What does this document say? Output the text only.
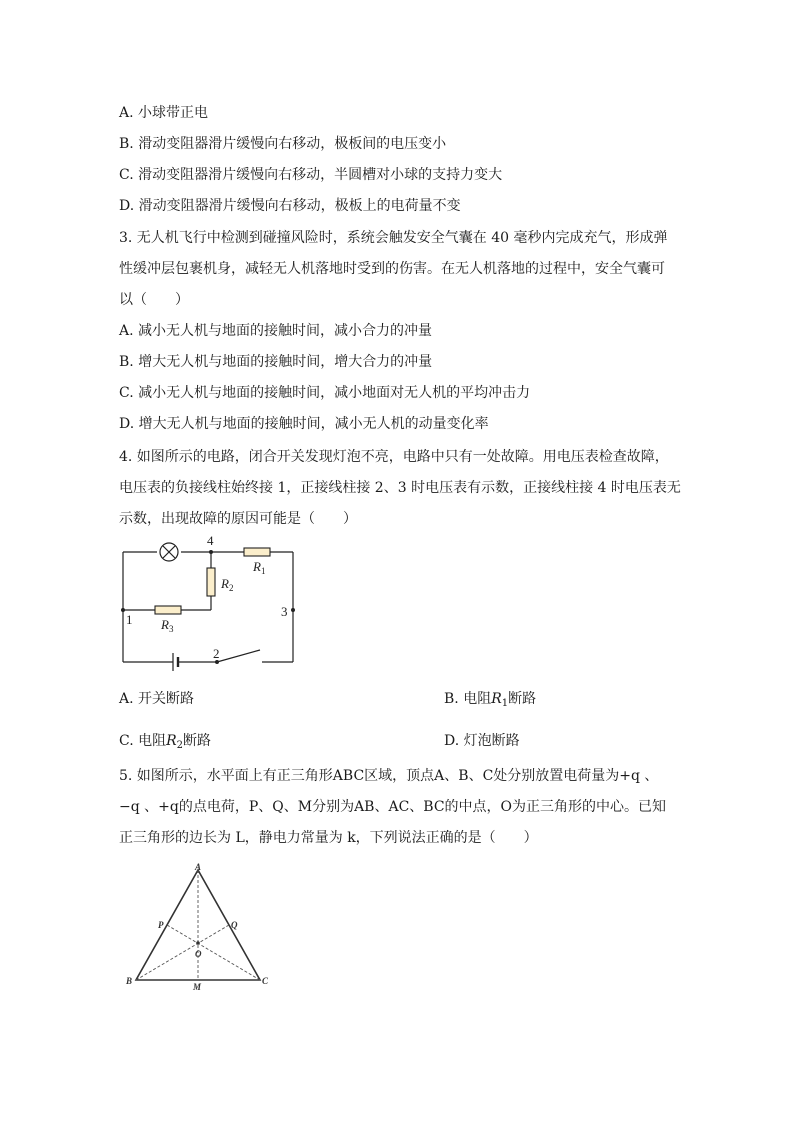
A. 小球带正电
B. 滑动变阻器滑片缓慢向右移动，极板间的电压变小
C. 滑动变阻器滑片缓慢向右移动，半圆槽对小球的支持力变大
D. 滑动变阻器滑片缓慢向右移动，极板上的电荷量不变
3. 无人机飞行中检测到碰撞风险时，系统会触发安全气囊在 40 毫秒内完成充气，形成弹
性缓冲层包裹机身，减轻无人机落地时受到的伤害。在无人机落地的过程中，安全气囊可
以（　　）
A. 减小无人机与地面的接触时间，减小合力的冲量
B. 增大无人机与地面的接触时间，增大合力的冲量
C. 减小无人机与地面的接触时间，减小地面对无人机的平均冲击力
D. 增大无人机与地面的接触时间，减小无人机的动量变化率
4. 如图所示的电路，闭合开关发现灯泡不亮，电路中只有一处故障。用电压表检查故障，
电压表的负接线柱始终接 1，正接线柱接 2、3 时电压表有示数，正接线柱接 4 时电压表无
示数，出现故障的原因可能是（　　）
4
1
3
2
$R_1$
$R_2$
$R_3$
A. 开关断路	B. 电阻$R_1$断路
C. 电阻$R_2$断路	D. 灯泡断路
5. 如图所示，水平面上有正三角形ABC区域，顶点A、B、C处分别放置电荷量为+q 、
−q 、+q的点电荷，P、Q、M分别为AB、AC、BC的中点，O为正三角形的中心。已知
正三角形的边长为 L，静电力常量为 k，下列说法正确的是（　　）
A
B	C
P	Q
M
O
